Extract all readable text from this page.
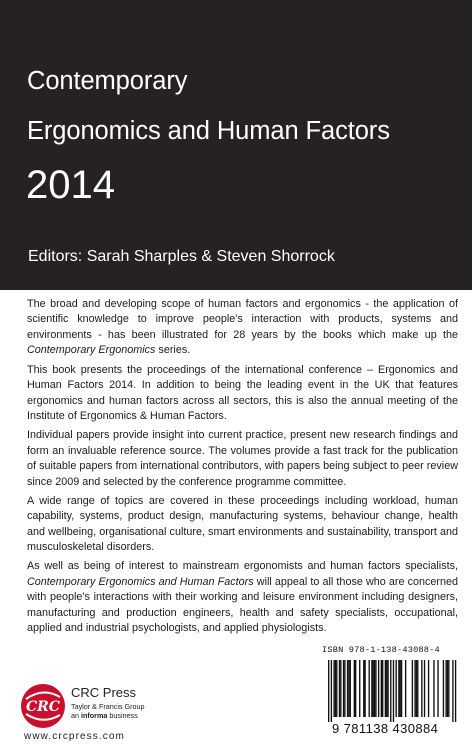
Contemporary
Ergonomics and Human Factors
2014
Editors: Sarah Sharples & Steven Shorrock

The broad and developing scope of human factors and ergonomics - the application of scientific knowledge to improve people's interaction with products, systems and environments - has been illustrated for 28 years by the books which make up the Contemporary Ergonomics series.

This book presents the proceedings of the international conference – Ergonomics and Human Factors 2014. In addition to being the leading event in the UK that features ergonomics and human factors across all sectors, this is also the annual meeting of the Institute of Ergonomics & Human Factors.

Individual papers provide insight into current practice, present new research findings and form an invaluable reference source. The volumes provide a fast track for the publication of suitable papers from international contributors, with papers being subject to peer review since 2009 and selected by the conference programme committee.

A wide range of topics are covered in these proceedings including workload, human capability, systems, product design, manufacturing systems, behaviour change, health and wellbeing, organisational culture, smart environments and sustainability, transport and musculoskeletal disorders.

As well as being of interest to mainstream ergonomists and human factors specialists, Contemporary Ergonomics and Human Factors will appeal to all those who are concerned with people's interactions with their working and leisure environment including designers, manufacturing and production engineers, health and safety specialists, occupational, applied and industrial psychologists, and applied physiologists.

CRC
CRC Press
Taylor & Francis Group
an informa business
www.crcpress.com
ISBN 978-1-138-43088-4
9 781138 430884
